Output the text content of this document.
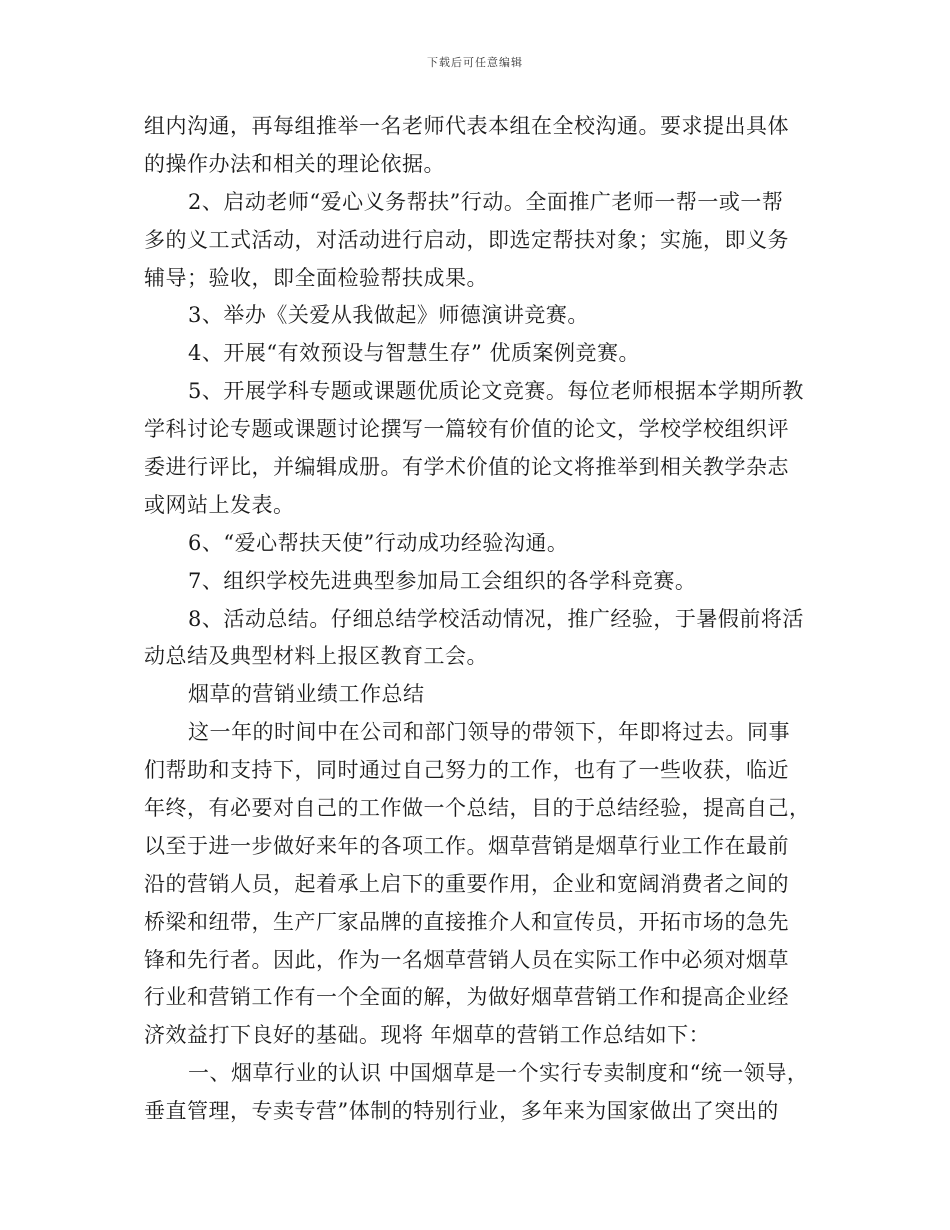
下载后可任意编辑
组内沟通，再每组推举一名老师代表本组在全校沟通。要求提出具体
的操作办法和相关的理论依据。
2、启动老师“爱心义务帮扶”行动。全面推广老师一帮一或一帮
多的义工式活动，对活动进行启动，即选定帮扶对象；实施，即义务
辅导；验收，即全面检验帮扶成果。
3、举办《关爱从我做起》师德演讲竞赛。
4、开展“有效预设与智慧生存” 优质案例竞赛。
5、开展学科专题或课题优质论文竞赛。每位老师根据本学期所教
学科讨论专题或课题讨论撰写一篇较有价值的论文，学校学校组织评
委进行评比，并编辑成册。有学术价值的论文将推举到相关教学杂志
或网站上发表。
6、“爱心帮扶天使”行动成功经验沟通。
7、组织学校先进典型参加局工会组织的各学科竞赛。
8、活动总结。仔细总结学校活动情况，推广经验，于暑假前将活
动总结及典型材料上报区教育工会。
烟草的营销业绩工作总结
这一年的时间中在公司和部门领导的带领下，年即将过去。同事
们帮助和支持下，同时通过自己努力的工作，也有了一些收获，临近
年终，有必要对自己的工作做一个总结，目的于总结经验，提高自己，
以至于进一步做好来年的各项工作。烟草营销是烟草行业工作在最前
沿的营销人员，起着承上启下的重要作用，企业和宽阔消费者之间的
桥梁和纽带，生产厂家品牌的直接推介人和宣传员，开拓市场的急先
锋和先行者。因此，作为一名烟草营销人员在实际工作中必须对烟草
行业和营销工作有一个全面的解，为做好烟草营销工作和提高企业经
济效益打下良好的基础。现将 年烟草的营销工作总结如下：
一、烟草行业的认识 中国烟草是一个实行专卖制度和“统一领导，
垂直管理，专卖专营”体制的特别行业，多年来为国家做出了突出的
